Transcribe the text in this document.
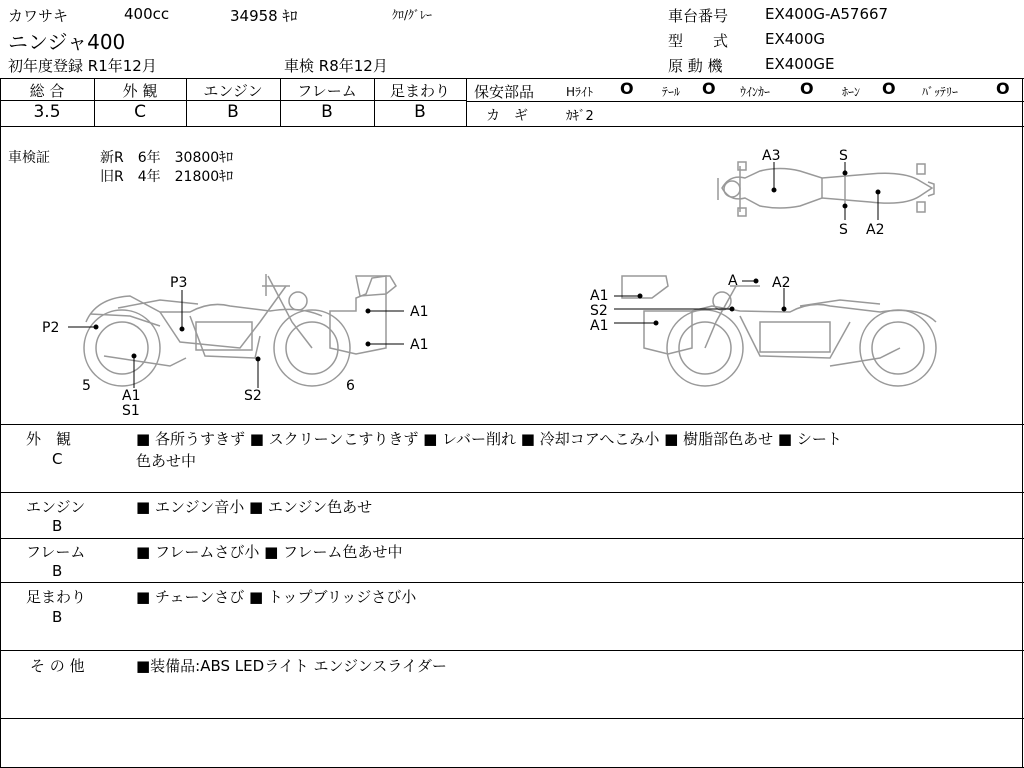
カワサキ	400cc	34958 ｷﾛ	ｸﾛ/ｸﾞﾚｰ
ニンジャ400
初年度登録 R1年12月	車検 R8年12月
車台番号 EX400G-A57667
型　　式 EX400G
原 動 機	EX400GE
総 合	外 観	エンジン	フレーム	足まわり
3.5	C	B	B	B
保安部品	Hﾗｲﾄ O ﾃｰﾙ O ｳｲﾝｶｰ O ﾎｰﾝ O ﾊﾞｯﾃﾘｰ O
カ　ギ	ｶｷﾞ2
車検証	新R　6年　30800ｷﾛ
旧R　4年　21800ｷﾛ
A3	S
S A2
P3
P2
A1
A1
5
A1
S1
S2
6
A1
S2
A1
A A2
外　観
C
■ 各所うすきず ■ スクリーンこすりきず ■ レバー削れ ■ 冷却コアへこみ小 ■ 樹脂部色あせ ■ シート
色あせ中
エンジン
B
■ エンジン音小 ■ エンジン色あせ
フレーム
B
■ フレームさび小 ■ フレーム色あせ中
足まわり
B
■ チェーンさび ■ トップブリッジさび小
そ の 他	■装備品:ABS LEDライト エンジンスライダー
